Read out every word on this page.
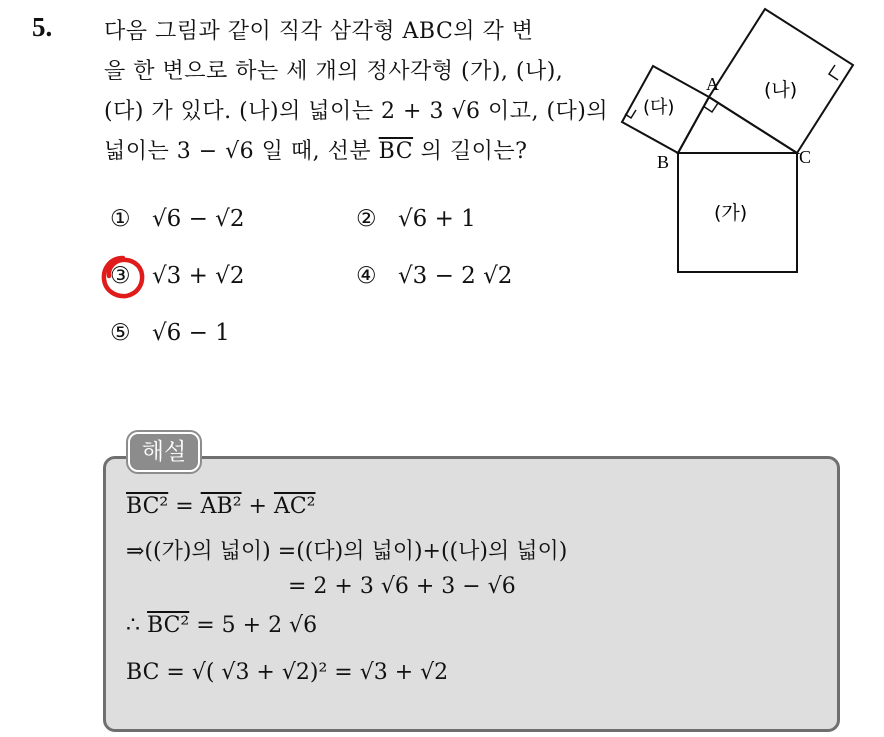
5. 다음 그림과 같이 직각 삼각형 ABC의 각 변
을 한 변으로 하는 세 개의 정사각형 (가), (나),
(다) 가 있다. (나)의 넓이는 2 + 3 √6 이고, (다)의
넓이는 3 − √6 일 때, 선분 $\overline{BC}$ 의 길이는?
① √6 − √2	② √6 + 1
③ √3 + √2	④ √3 − 2 √2
⑤ √6 − 1
A
B	C
(가)
(나)
(다)
해설
BC² = AB² + AC²
⇒((가)의 넓이) =((다)의 넓이)+((나)의 넓이)
= 2 + 3 √6 + 3 − √6
∴ BC² = 5 + 2 √6
BC = √( √3 + √2)² = √3 + √2
